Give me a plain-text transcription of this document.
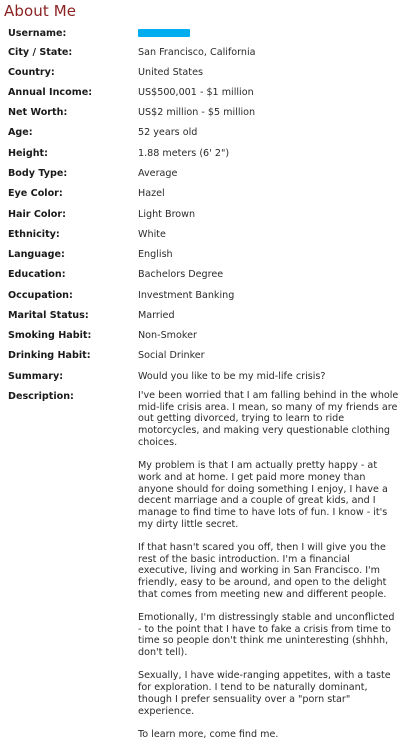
About Me
Username:
City / State:	San Francisco, California
Country:	United States
Annual Income:	US$500,001 - $1 million
Net Worth:	US$2 million - $5 million
Age:	52 years old
Height:	1.88 meters (6' 2")
Body Type:	Average
Eye Color:	Hazel
Hair Color:	Light Brown
Ethnicity:	White
Language:	English
Education:	Bachelors Degree
Occupation:	Investment Banking
Marital Status:	Married
Smoking Habit:	Non-Smoker
Drinking Habit:	Social Drinker
Summary:	Would you like to be my mid-life crisis?
Description:	I've been worried that I am falling behind in the whole mid-life crisis area. I mean, so many of my friends are out getting divorced, trying to learn to ride motorcycles, and making very questionable clothing choices.

My problem is that I am actually pretty happy - at work and at home. I get paid more money than anyone should for doing something I enjoy, I have a decent marriage and a couple of great kids, and I manage to find time to have lots of fun. I know - it's my dirty little secret.

If that hasn't scared you off, then I will give you the rest of the basic introduction. I'm a financial executive, living and working in San Francisco. I'm friendly, easy to be around, and open to the delight that comes from meeting new and different people.

Emotionally, I'm distressingly stable and unconflicted - to the point that I have to fake a crisis from time to time so people don't think me uninteresting (shhhh, don't tell).

Sexually, I have wide-ranging appetites, with a taste for exploration. I tend to be naturally dominant, though I prefer sensuality over a "porn star" experience.

To learn more, come find me.
